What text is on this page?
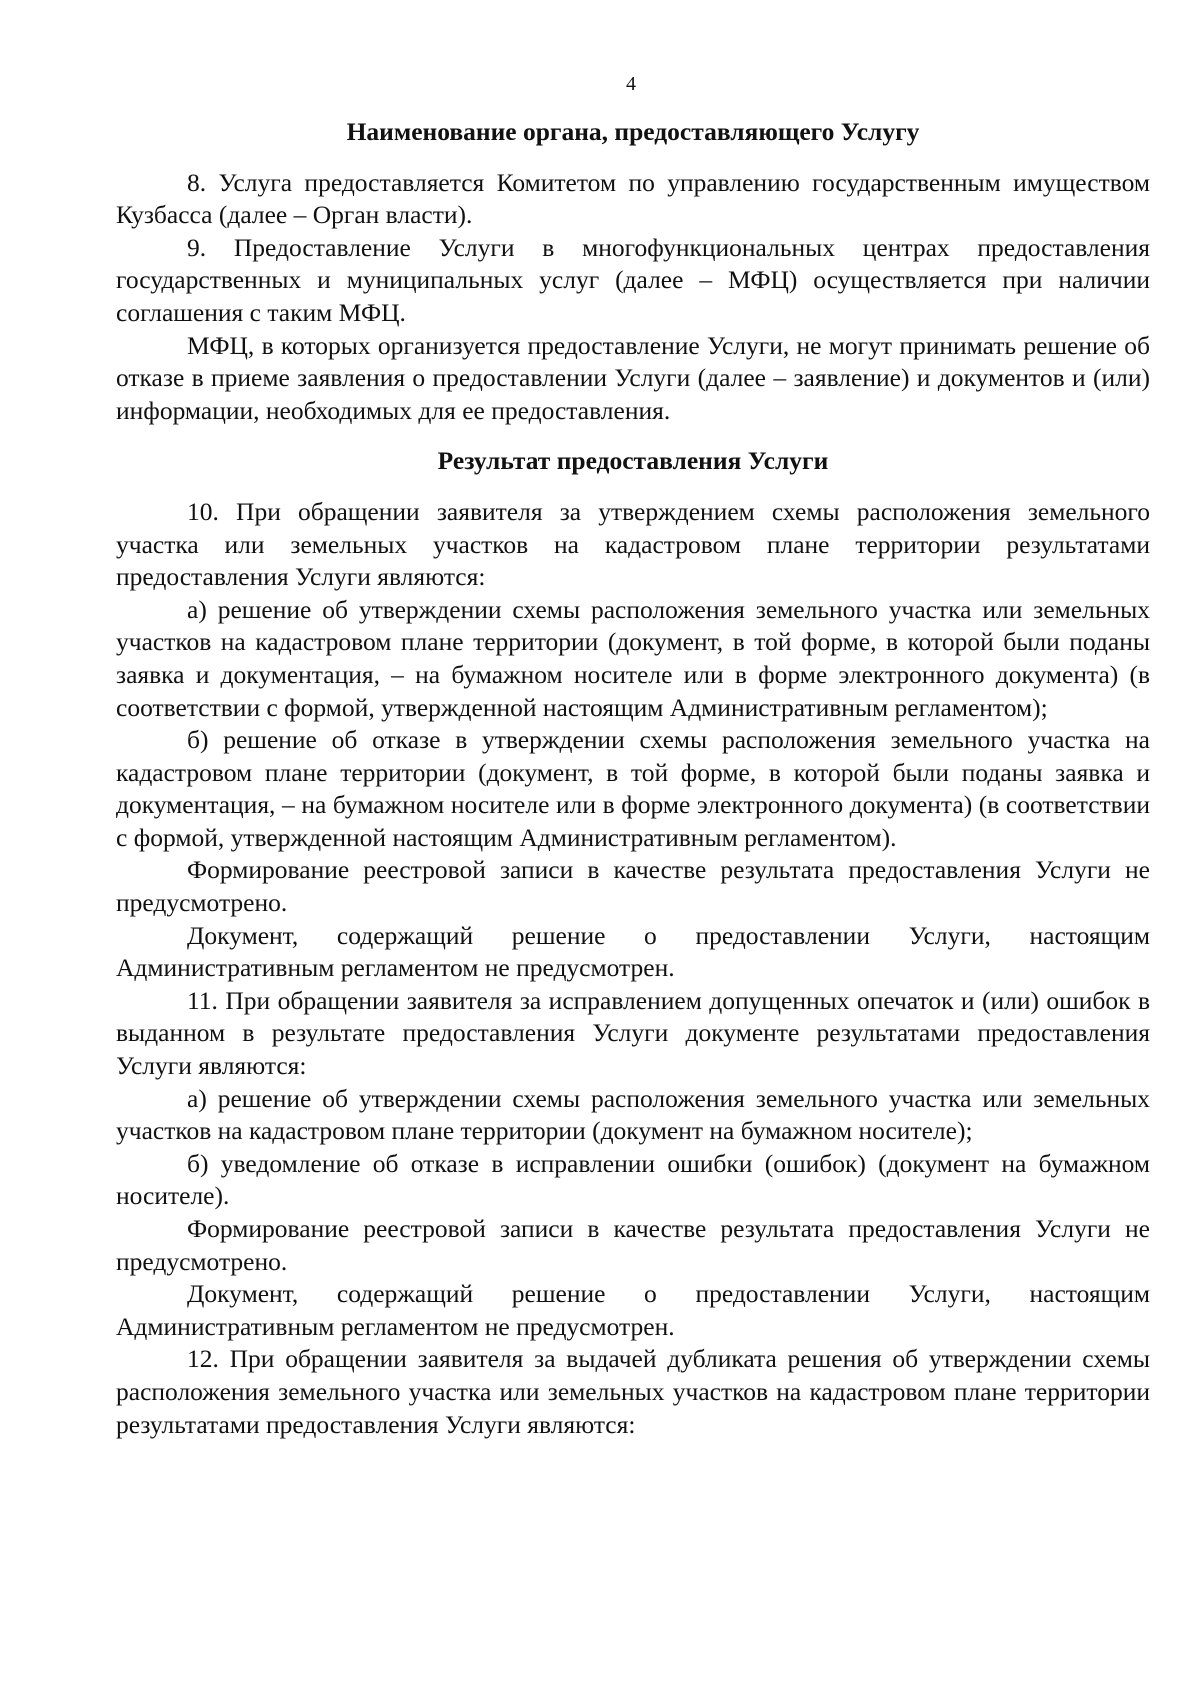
4
Наименование органа, предоставляющего Услугу

8. Услуга предоставляется Комитетом по управлению государственным имуществом Кузбасса (далее – Орган власти).

9. Предоставление Услуги в многофункциональных центрах предоставления государственных и муниципальных услуг (далее – МФЦ) осуществляется при наличии соглашения с таким МФЦ.

МФЦ, в которых организуется предоставление Услуги, не могут принимать решение об отказе в приеме заявления о предоставлении Услуги (далее – заявление) и документов и (или) информации, необходимых для ее предоставления.

Результат предоставления Услуги

10. При обращении заявителя за утверждением схемы расположения земельного участка или земельных участков на кадастровом плане территории результатами предоставления Услуги являются:

а) решение об утверждении схемы расположения земельного участка или земельных участков на кадастровом плане территории (документ, в той форме, в которой были поданы заявка и документация, – на бумажном носителе или в форме электронного документа) (в соответствии с формой, утвержденной настоящим Административным регламентом);

б) решение об отказе в утверждении схемы расположения земельного участка на кадастровом плане территории (документ, в той форме, в которой были поданы заявка и документация, – на бумажном носителе или в форме электронного документа) (в соответствии с формой, утвержденной настоящим Административным регламентом).

Формирование реестровой записи в качестве результата предоставления Услуги не предусмотрено.

Документ, содержащий решение о предоставлении Услуги, настоящим Административным регламентом не предусмотрен.

11. При обращении заявителя за исправлением допущенных опечаток и (или) ошибок в выданном в результате предоставления Услуги документе результатами предоставления Услуги являются:

а) решение об утверждении схемы расположения земельного участка или земельных участков на кадастровом плане территории (документ на бумажном носителе);

б) уведомление об отказе в исправлении ошибки (ошибок) (документ на бумажном носителе).

Формирование реестровой записи в качестве результата предоставления Услуги не предусмотрено.

Документ, содержащий решение о предоставлении Услуги, настоящим Административным регламентом не предусмотрен.

12. При обращении заявителя за выдачей дубликата решения об утверждении схемы расположения земельного участка или земельных участков на кадастровом плане территории результатами предоставления Услуги являются:
